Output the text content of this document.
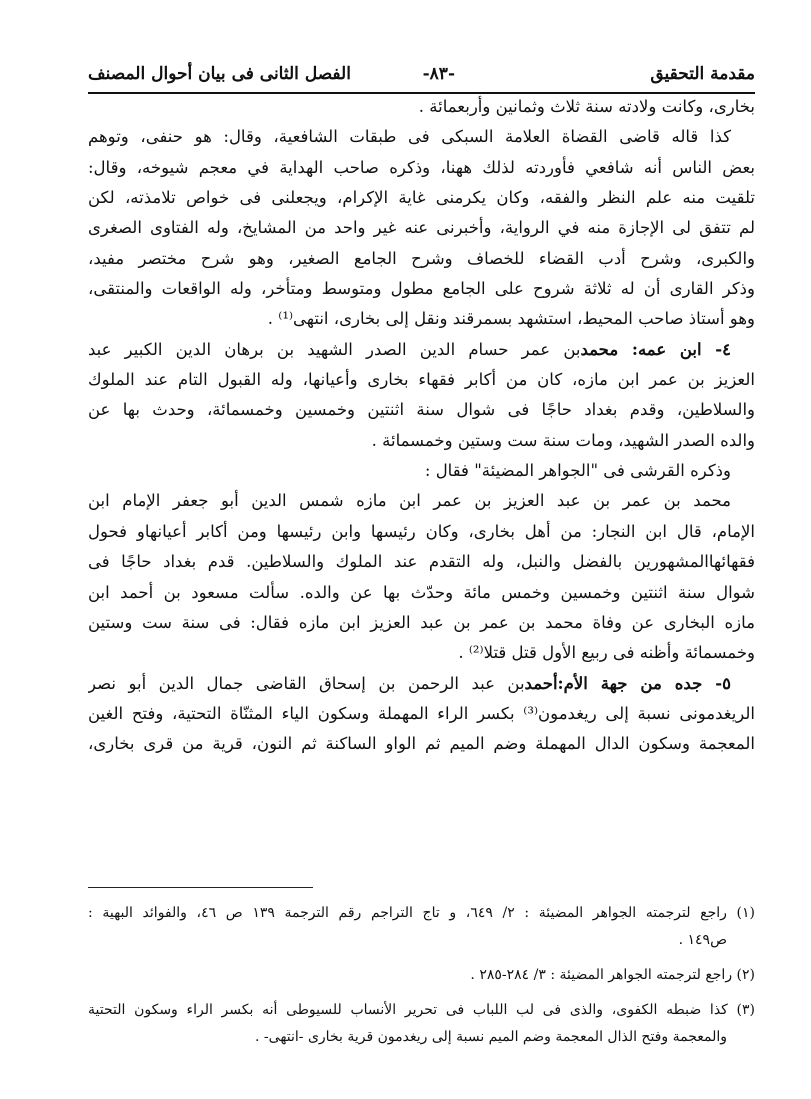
مقدمة التحقيق
-٨٣-
الفصل الثانى فى بيان أحوال المصنف
بخارى، وكانت ولادته سنة ثلاث وثمانين وأربعمائة .
كذا قاله قاضى القضاة العلامة السبكى فى طبقات الشافعية، وقال: هو حنفى، وتوهم
بعض الناس أنه شافعي فأوردته لذلك ههنا، وذكره صاحب الهداية في معجم شيوخه، وقال:
تلقيت منه علم النظر والفقه، وكان يكرمنى غاية الإكرام، ويجعلنى فى خواص تلامذته، لكن
لم تتفق لى الإجازة منه في الرواية، وأخبرنى عنه غير واحد من المشايخ، وله الفتاوى الصغرى
والكبرى، وشرح أدب القضاء للخصاف وشرح الجامع الصغير، وهو شرح مختصر مفيد،
وذكر القارى أن له ثلاثة شروح على الجامع مطول ومتوسط ومتأخر، وله الواقعات والمنتقى،
وهو أستاذ صاحب المحيط، استشهد بسمرقند ونقل إلى بخارى، انتهى⁽¹⁾ .
٤- ابن عمه: محمدبن عمر حسام الدين الصدر الشهيد بن برهان الدين الكبير عبد
العزيز بن عمر ابن مازه، كان من أكابر فقهاء بخارى وأعيانها، وله القبول التام عند الملوك
والسلاطين، وقدم بغداد حاجًا فى شوال سنة اثنتين وخمسين وخمسمائة، وحدث بها عن
والده الصدر الشهيد، ومات سنة ست وستين وخمسمائة .
وذكره القرشى فى "الجواهر المضيئة" فقال :
محمد بن عمر بن عبد العزيز بن عمر ابن مازه شمس الدين أبو جعفر الإمام ابن
الإمام، قال ابن النجار: من أهل بخارى، وكان رئيسها وابن رئيسها ومن أكابر أعيانهاو فحول
فقهائهاالمشهورين بالفضل والنبل، وله التقدم عند الملوك والسلاطين. قدم بغداد حاجًا فى
شوال سنة اثنتين وخمسين وخمس مائة وحدّث بها عن والده. سألت مسعود بن أحمد ابن
مازه البخارى عن وفاة محمد بن عمر بن عبد العزيز ابن مازه فقال: فى سنة ست وستين
وخمسمائة وأظنه فى ربيع الأول قتل قتلا⁽²⁾ .
٥- جده من جهة الأم:أحمدبن عبد الرحمن بن إسحاق القاضى جمال الدين أبو نصر
الريغدمونى نسبة إلى ريغدمون⁽³⁾ بكسر الراء المهملة وسكون الياء المثنّاة التحتية، وفتح الغين
المعجمة وسكون الدال المهملة وضم الميم ثم الواو الساكنة ثم النون، قرية من قرى بخارى،
(١) راجع لترجمته الجواهر المضيئة : ٢/ ٦٤٩، و تاج التراجم رقم الترجمة ١٣٩ ص ٤٦، والفوائد البهية :
ص١٤٩ .
(٢) راجع لترجمته الجواهر المضيئة : ٣/ ٢٨٤-٢٨٥ .
(٣) كذا ضبطه الكفوى، والذى فى لب اللباب فى تحرير الأنساب للسيوطى أنه بكسر الراء وسكون التحتية
والمعجمة وفتح الذال المعجمة وضم الميم نسبة إلى ريغدمون قرية بخارى -انتهى- .
